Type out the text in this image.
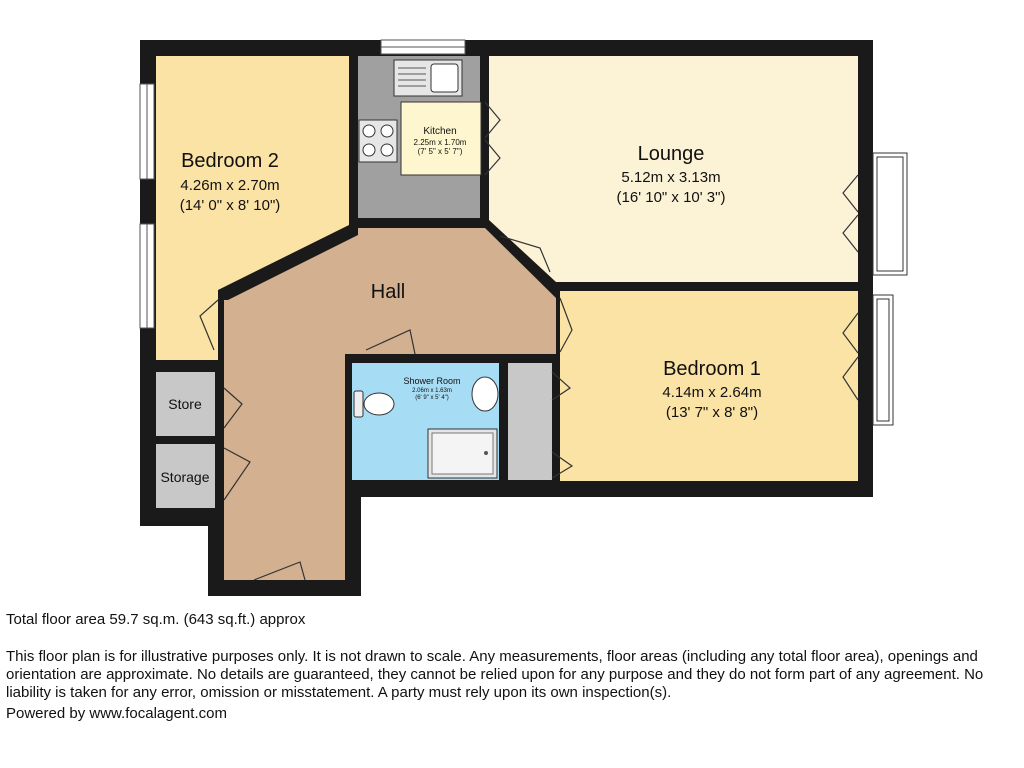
Bedroom 2
4.26m x 2.70m
(14' 0" x 8' 10")
Kitchen
2.25m x 1.70m
(7' 5" x 5' 7")	Lounge
5.12m x 3.13m
(16' 10" x 10' 3")
Hall
Bedroom 1
4.14m x 2.64m
(13' 7" x 8' 8")
Shower Room
2.06m x 1.63m
(6' 9" x 5' 4")
Store
Storage
Total floor area 59.7 sq.m. (643 sq.ft.) approx
This floor plan is for illustrative purposes only. It is not drawn to scale. Any measurements, floor areas (including any total floor area), openings and orientation are approximate. No details are guaranteed, they cannot be relied upon for any purpose and they do not form part of any agreement. No liability is taken for any error, omission or misstatement. A party must rely upon its own inspection(s).
Powered by www.focalagent.com
